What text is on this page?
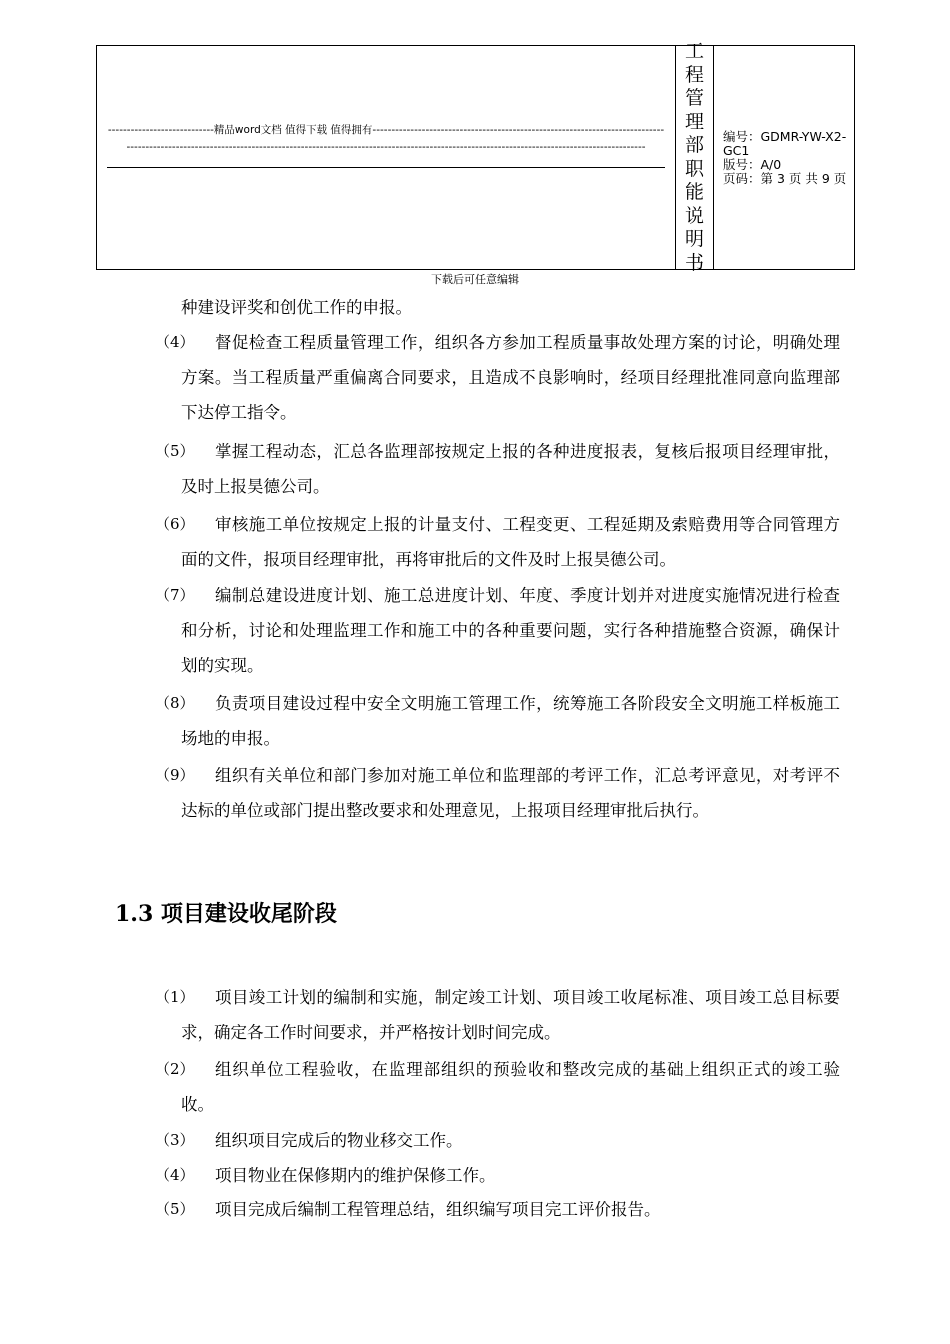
----------------------------精品word文档 值得下载 值得拥有----------------------------------------------------------------------------------------------------------------------------------------------------------------------------------------------------------------------
工
程
管
理
部
职
能
说
明
书
编号：GDMR-YW-X2-GC1
版号：A/0
页码：第 3 页 共 9 页
下载后可任意编辑
种建设评奖和创优工作的申报。
（4）	督促检查工程质量管理工作，组织各方参加工程质量事故处理方案的讨论，明确处理方案。当工程质量严重偏离合同要求，且造成不良影响时，经项目经理批准同意向监理部下达停工指令。
（5）	掌握工程动态，汇总各监理部按规定上报的各种进度报表，复核后报项目经理审批，及时上报昊德公司。
（6）	审核施工单位按规定上报的计量支付、工程变更、工程延期及索赔费用等合同管理方面的文件，报项目经理审批，再将审批后的文件及时上报昊德公司。
（7）	编制总建设进度计划、施工总进度计划、年度、季度计划并对进度实施情况进行检查和分析，讨论和处理监理工作和施工中的各种重要问题，实行各种措施整合资源，确保计划的实现。
（8）	负责项目建设过程中安全文明施工管理工作，统筹施工各阶段安全文明施工样板施工场地的申报。
（9）	组织有关单位和部门参加对施工单位和监理部的考评工作，汇总考评意见，对考评不达标的单位或部门提出整改要求和处理意见，上报项目经理审批后执行。
1.3 项目建设收尾阶段
（1）	项目竣工计划的编制和实施，制定竣工计划、项目竣工收尾标准、项目竣工总目标要求，确定各工作时间要求，并严格按计划时间完成。
（2）	组织单位工程验收，在监理部组织的预验收和整改完成的基础上组织正式的竣工验收。
（3）	组织项目完成后的物业移交工作。
（4）	项目物业在保修期内的维护保修工作。
（5）	项目完成后编制工程管理总结，组织编写项目完工评价报告。
